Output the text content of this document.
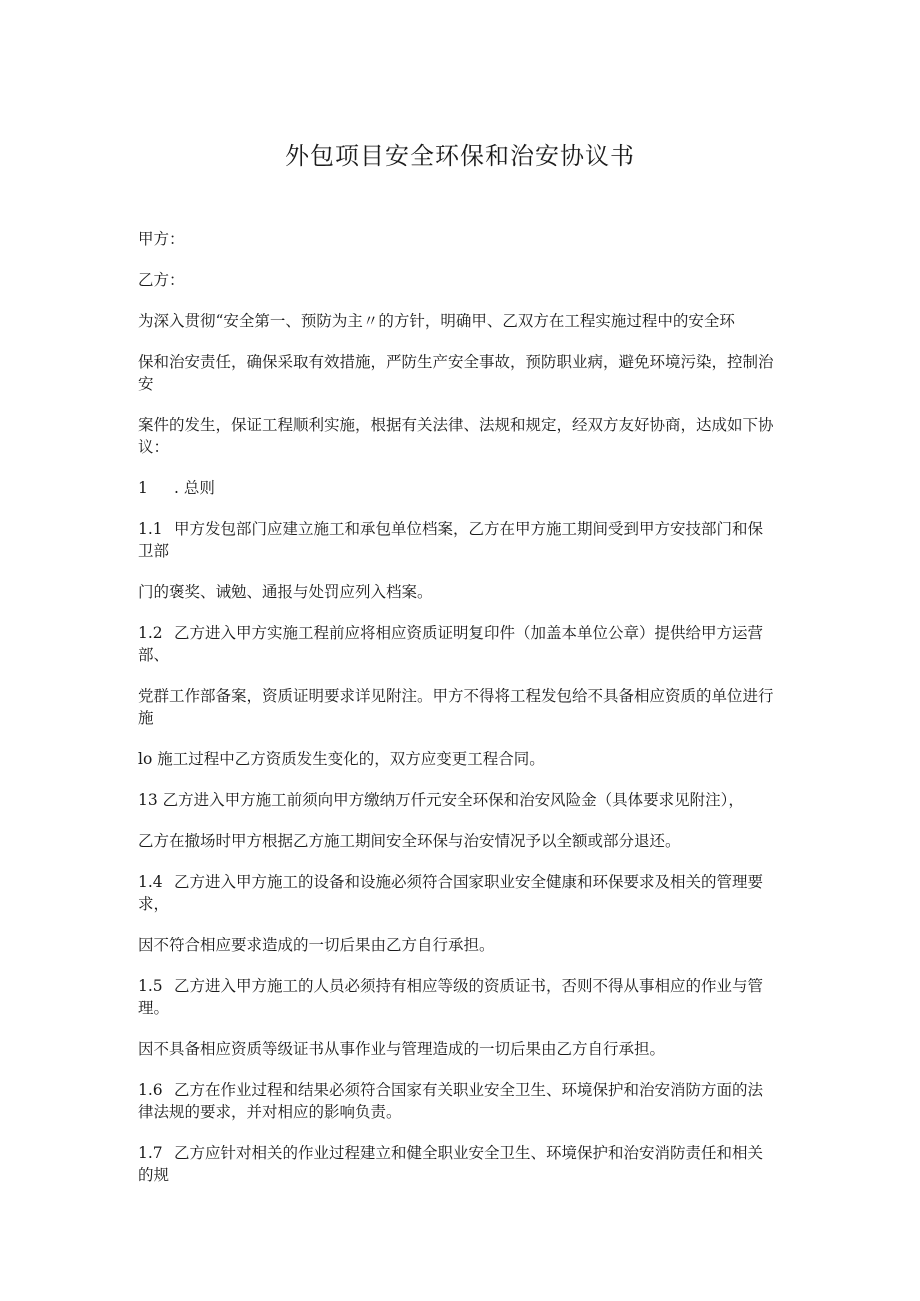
外包项目安全环保和治安协议书

甲方：

乙方：

为深入贯彻“安全第一、预防为主〃的方针，明确甲、乙双方在工程实施过程中的安全环

保和治安责任，确保采取有效措施，严防生产安全事故，预防职业病，避免环境污染，控制治安

案件的发生，保证工程顺利实施，根据有关法律、法规和规定，经双方友好协商，达成如下协议：

1 . 总则

1.1 甲方发包部门应建立施工和承包单位档案，乙方在甲方施工期间受到甲方安技部门和保卫部

门的褒奖、诫勉、通报与处罚应列入档案。

1.2 乙方进入甲方实施工程前应将相应资质证明复印件（加盖本单位公章）提供给甲方运营部、

党群工作部备案，资质证明要求详见附注。甲方不得将工程发包给不具备相应资质的单位进行施

lo 施工过程中乙方资质发生变化的，双方应变更工程合同。

13 乙方进入甲方施工前须向甲方缴纳万仟元安全环保和治安风险金（具体要求见附注），

乙方在撤场时甲方根据乙方施工期间安全环保与治安情况予以全额或部分退还。

1.4 乙方进入甲方施工的设备和设施必须符合国家职业安全健康和环保要求及相关的管理要求，

因不符合相应要求造成的一切后果由乙方自行承担。

1.5 乙方进入甲方施工的人员必须持有相应等级的资质证书，否则不得从事相应的作业与管理。

因不具备相应资质等级证书从事作业与管理造成的一切后果由乙方自行承担。

1.6 乙方在作业过程和结果必须符合国家有关职业安全卫生、环境保护和治安消防方面的法律法规的要求，并对相应的影响负责。

1.7 乙方应针对相关的作业过程建立和健全职业安全卫生、环境保护和治安消防责任和相关的规
